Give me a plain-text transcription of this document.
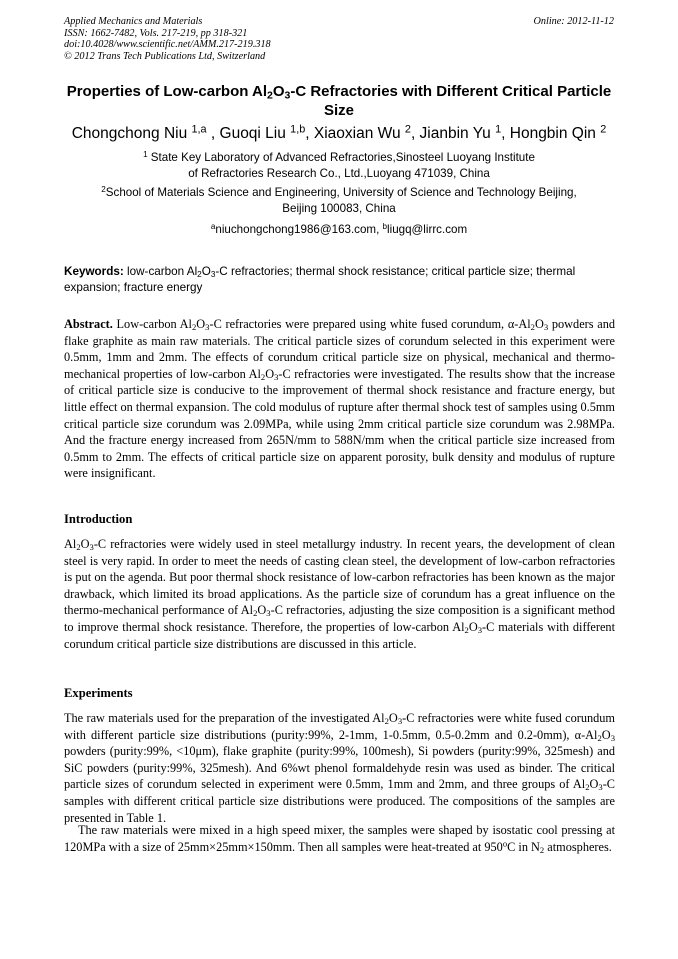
Applied Mechanics and Materials
ISSN: 1662-7482, Vols. 217-219, pp 318-321
doi:10.4028/www.scientific.net/AMM.217-219.318
© 2012 Trans Tech Publications Ltd, Switzerland
Online: 2012-11-12
Properties of Low-carbon $Al_2O_3-C$ Refractories with Different Critical Particle Size
Chongchong Niu $^{1,a}$ , Guoqi Liu $^{1,b}$, Xiaoxian Wu $^2$, Jianbin Yu $^1$, Hongbin Qin $^2$
$^1$ State Key Laboratory of Advanced Refractories,Sinosteel Luoyang Institute
of Refractories Research Co., Ltd.,Luoyang 471039, China
$^2$School of Materials Science and Engineering, University of Science and Technology Beijing,
Beijing 100083, China
$^a$niuchongchong1986@163.com, $^b$liugq@lirrc.com
Keywords: low-carbon $Al_2O_3-C$ refractories; thermal shock resistance; critical particle size; thermal expansion; fracture energy
Abstract. Low-carbon $Al_2O_3-C$ refractories were prepared using white fused corundum, $\alpha-Al_2O_3$ powders and flake graphite as main raw materials. The critical particle sizes of corundum selected in this experiment were 0.5mm, 1mm and 2mm. The effects of corundum critical particle size on physical, mechanical and thermo-mechanical properties of low-carbon $Al_2O_3-C$ refractories were investigated. The results show that the increase of critical particle size is conducive to the improvement of thermal shock resistance and fracture energy, but little effect on thermal expansion. The cold modulus of rupture after thermal shock test of samples using 0.5mm critical particle size corundum was 2.09MPa, while using 2mm critical particle size corundum was 2.98MPa. And the fracture energy increased from 265N/mm to 588N/mm when the critical particle size increased from 0.5mm to 2mm. The effects of critical particle size on apparent porosity, bulk density and modulus of rupture were insignificant.
Introduction
$Al_2O_3-C$ refractories were widely used in steel metallurgy industry. In recent years, the development of clean steel is very rapid. In order to meet the needs of casting clean steel, the development of low-carbon refractories is put on the agenda. But poor thermal shock resistance of low-carbon refractories has been known as the major drawback, which limited its broad applications. As the particle size of corundum has a great influence on the thermo-mechanical performance of $Al_2O_3-C$ refractories, adjusting the size composition is a significant method to improve thermal shock resistance. Therefore, the properties of low-carbon $Al_2O_3-C$ materials with different corundum critical particle size distributions are discussed in this article.
Experiments
The raw materials used for the preparation of the investigated $Al_2O_3-C$ refractories were white fused corundum with different particle size distributions (purity:99%, 2-1mm, 1-0.5mm, 0.5-0.2mm and 0.2-0mm), $\alpha-Al_2O_3$ powders (purity:99%, <10μm), flake graphite (purity:99%, 100mesh), Si powders (purity:99%, 325mesh) and SiC powders (purity:99%, 325mesh). And 6%wt phenol formaldehyde resin was used as binder. The critical particle sizes of corundum selected in experiment were 0.5mm, 1mm and 2mm, and three groups of $Al_2O_3-C$ samples with different critical particle size distributions were produced. The compositions of the samples are presented in Table 1.
The raw materials were mixed in a high speed mixer, the samples were shaped by isostatic cool pressing at 120MPa with a size of 25mm×25mm×150mm. Then all samples were heat-treated at 950$^o$C in $N_2$ atmospheres.
